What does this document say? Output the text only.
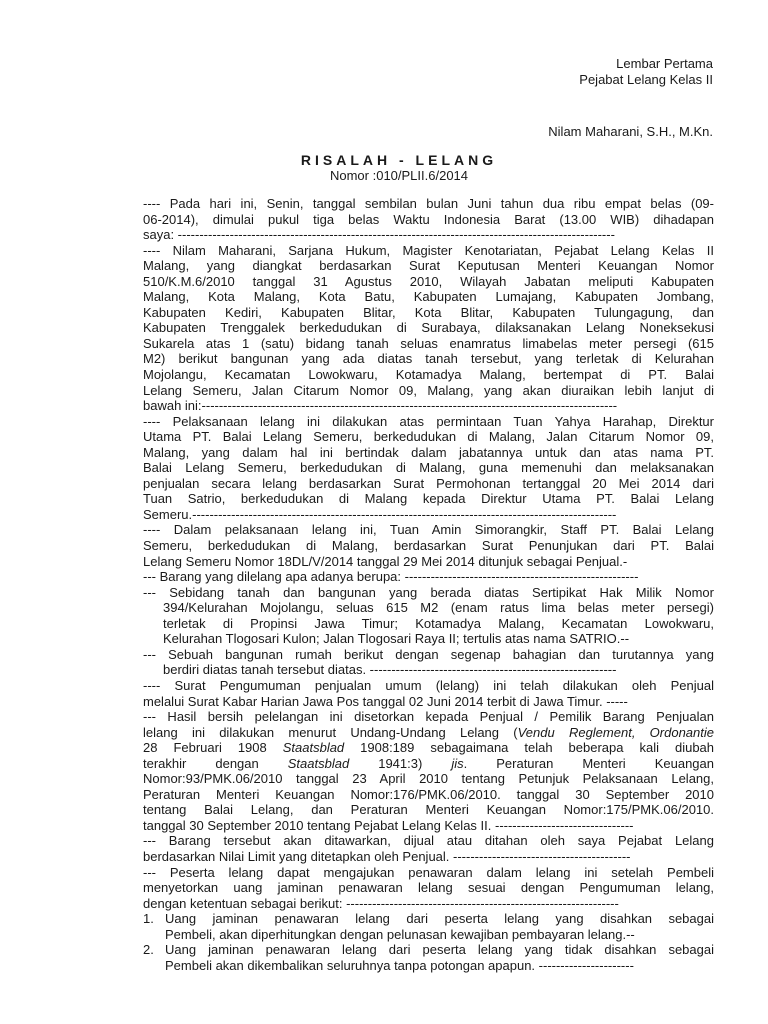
Lembar Pertama
Pejabat Lelang Kelas II
Nilam Maharani, S.H., M.Kn.
RISALAH - LELANG
Nomor :010/PLII.6/2014
---- Pada hari ini, Senin, tanggal sembilan bulan Juni tahun dua ribu empat belas (09-
06-2014), dimulai pukul tiga belas Waktu Indonesia Barat (13.00 WIB) dihadapan
saya: -----------------------------------------------------------------------------------------------------
---- Nilam Maharani, Sarjana Hukum, Magister Kenotariatan, Pejabat Lelang Kelas II
Malang, yang diangkat berdasarkan Surat Keputusan Menteri Keuangan Nomor
510/K.M.6/2010 tanggal 31 Agustus 2010, Wilayah Jabatan meliputi Kabupaten
Malang, Kota Malang, Kota Batu, Kabupaten Lumajang, Kabupaten Jombang,
Kabupaten Kediri, Kabupaten Blitar, Kota Blitar, Kabupaten Tulungagung, dan
Kabupaten Trenggalek berkedudukan di Surabaya, dilaksanakan Lelang Noneksekusi
Sukarela atas 1 (satu) bidang tanah seluas enamratus limabelas meter persegi (615
M2) berikut bangunan yang ada diatas tanah tersebut, yang terletak di Kelurahan
Mojolangu, Kecamatan Lowokwaru, Kotamadya Malang, bertempat di PT. Balai
Lelang Semeru, Jalan Citarum Nomor 09, Malang, yang akan diuraikan lebih lanjut di
bawah ini:------------------------------------------------------------------------------------------------
---- Pelaksanaan lelang ini dilakukan atas permintaan Tuan Yahya Harahap, Direktur
Utama PT. Balai Lelang Semeru, berkedudukan di Malang, Jalan Citarum Nomor 09,
Malang, yang dalam hal ini bertindak dalam jabatannya untuk dan atas nama PT.
Balai Lelang Semeru, berkedudukan di Malang, guna memenuhi dan melaksanakan
penjualan secara lelang berdasarkan Surat Permohonan tertanggal 20 Mei 2014 dari
Tuan Satrio, berkedudukan di Malang kepada Direktur Utama PT. Balai Lelang
Semeru.--------------------------------------------------------------------------------------------------
---- Dalam pelaksanaan lelang ini, Tuan Amin Simorangkir, Staff PT. Balai Lelang
Semeru, berkedudukan di Malang, berdasarkan Surat Penunjukan dari PT. Balai
Lelang Semeru Nomor 18DL/V/2014 tanggal 29 Mei 2014 ditunjuk sebagai Penjual.-
--- Barang yang dilelang apa adanya berupa: ------------------------------------------------------
--- Sebidang tanah dan bangunan yang berada diatas Sertipikat Hak Milik Nomor
394/Kelurahan Mojolangu, seluas 615 M2 (enam ratus lima belas meter persegi)
terletak di Propinsi Jawa Timur; Kotamadya Malang, Kecamatan Lowokwaru,
Kelurahan Tlogosari Kulon; Jalan Tlogosari Raya II; tertulis atas nama SATRIO.--
--- Sebuah bangunan rumah berikut dengan segenap bahagian dan turutannya yang
berdiri diatas tanah tersebut diatas. ---------------------------------------------------------
---- Surat Pengumuman penjualan umum (lelang) ini telah dilakukan oleh Penjual
melalui Surat Kabar Harian Jawa Pos tanggal 02 Juni 2014 terbit di Jawa Timur. -----
--- Hasil bersih pelelangan ini disetorkan kepada Penjual / Pemilik Barang Penjualan
lelang ini dilakukan menurut Undang-Undang Lelang (Vendu Reglement, Ordonantie
28 Februari 1908 Staatsblad 1908:189 sebagaimana telah beberapa kali diubah
terakhir dengan Staatsblad 1941:3) jis. Peraturan Menteri Keuangan
Nomor:93/PMK.06/2010 tanggal 23 April 2010 tentang Petunjuk Pelaksanaan Lelang,
Peraturan Menteri Keuangan Nomor:176/PMK.06/2010. tanggal 30 September 2010
tentang Balai Lelang, dan Peraturan Menteri Keuangan Nomor:175/PMK.06/2010.
tanggal 30 September 2010 tentang Pejabat Lelang Kelas II. --------------------------------
--- Barang tersebut akan ditawarkan, dijual atau ditahan oleh saya Pejabat Lelang
berdasarkan Nilai Limit yang ditetapkan oleh Penjual. -----------------------------------------
--- Peserta lelang dapat mengajukan penawaran dalam lelang ini setelah Pembeli
menyetorkan uang jaminan penawaran lelang sesuai dengan Pengumuman lelang,
dengan ketentuan sebagai berikut: ---------------------------------------------------------------
1. Uang jaminan penawaran lelang dari peserta lelang yang disahkan sebagai
Pembeli, akan diperhitungkan dengan pelunasan kewajiban pembayaran lelang.--
2. Uang jaminan penawaran lelang dari peserta lelang yang tidak disahkan sebagai
Pembeli akan dikembalikan seluruhnya tanpa potongan apapun. ----------------------
